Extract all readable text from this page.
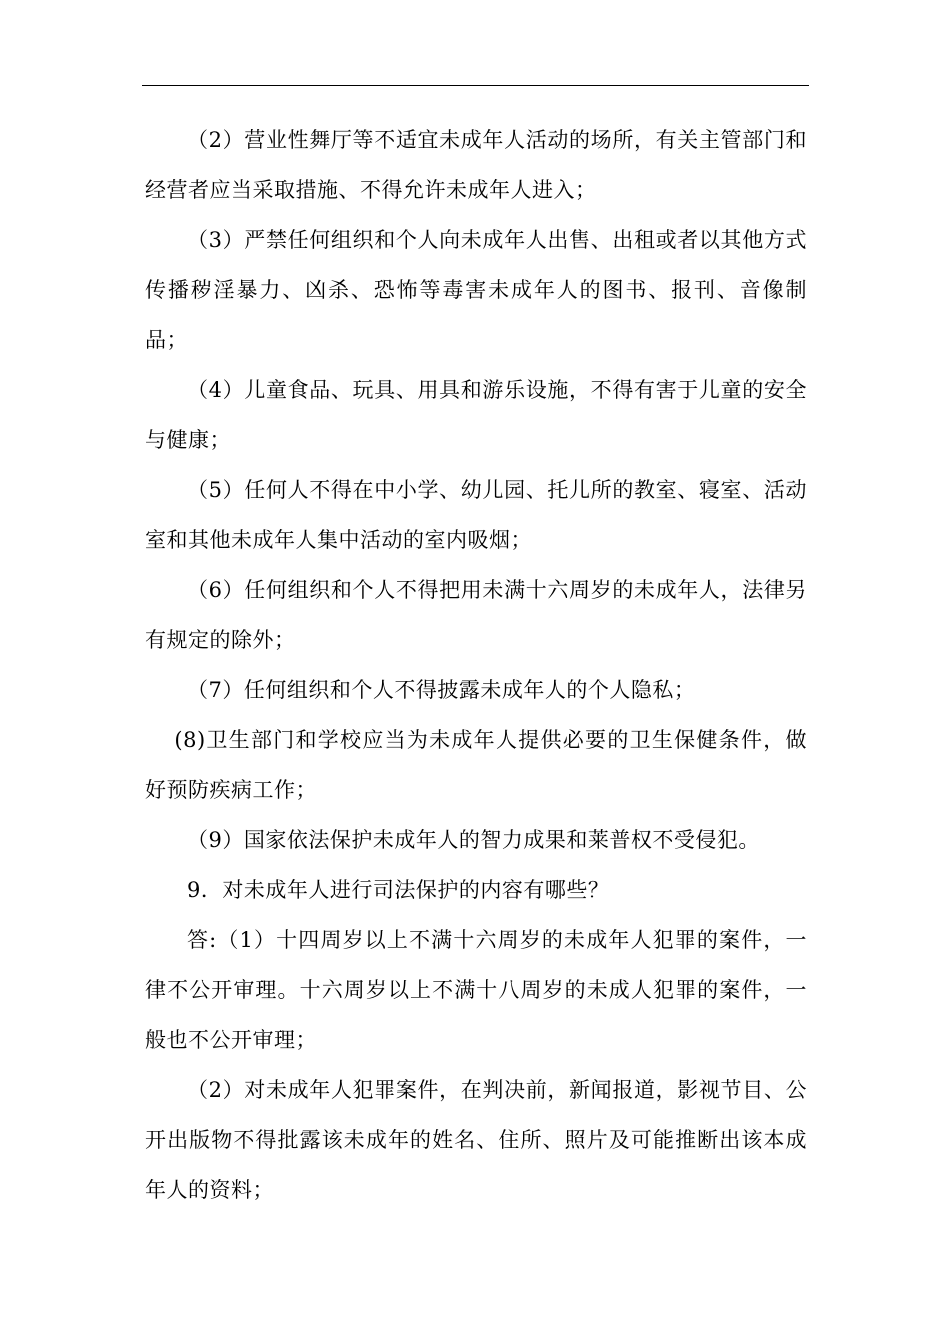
（2）营业性舞厅等不适宜未成年人活动的场所，有关主管部门和经营者应当采取措施、不得允许未成年人进入；

（3）严禁任何组织和个人向未成年人出售、出租或者以其他方式传播秽淫暴力、凶杀、恐怖等毒害未成年人的图书、报刊、音像制品；

（4）儿童食品、玩具、用具和游乐设施，不得有害于儿童的安全与健康；

（5）任何人不得在中小学、幼儿园、托儿所的教室、寝室、活动室和其他未成年人集中活动的室内吸烟；

（6）任何组织和个人不得把用未满十六周岁的未成年人，法律另有规定的除外；

（7）任何组织和个人不得披露未成年人的个人隐私；

(8)卫生部门和学校应当为未成年人提供必要的卫生保健条件，做好预防疾病工作；

（9）国家依法保护未成年人的智力成果和莱普权不受侵犯。

9．对未成年人进行司法保护的内容有哪些？

答:（1）十四周岁以上不满十六周岁的未成年人犯罪的案件，一律不公开审理。十六周岁以上不满十八周岁的未成人犯罪的案件，一般也不公开审理；

（2）对未成年人犯罪案件，在判决前，新闻报道，影视节目、公开出版物不得批露该未成年的姓名、住所、照片及可能推断出该本成年人的资料；
